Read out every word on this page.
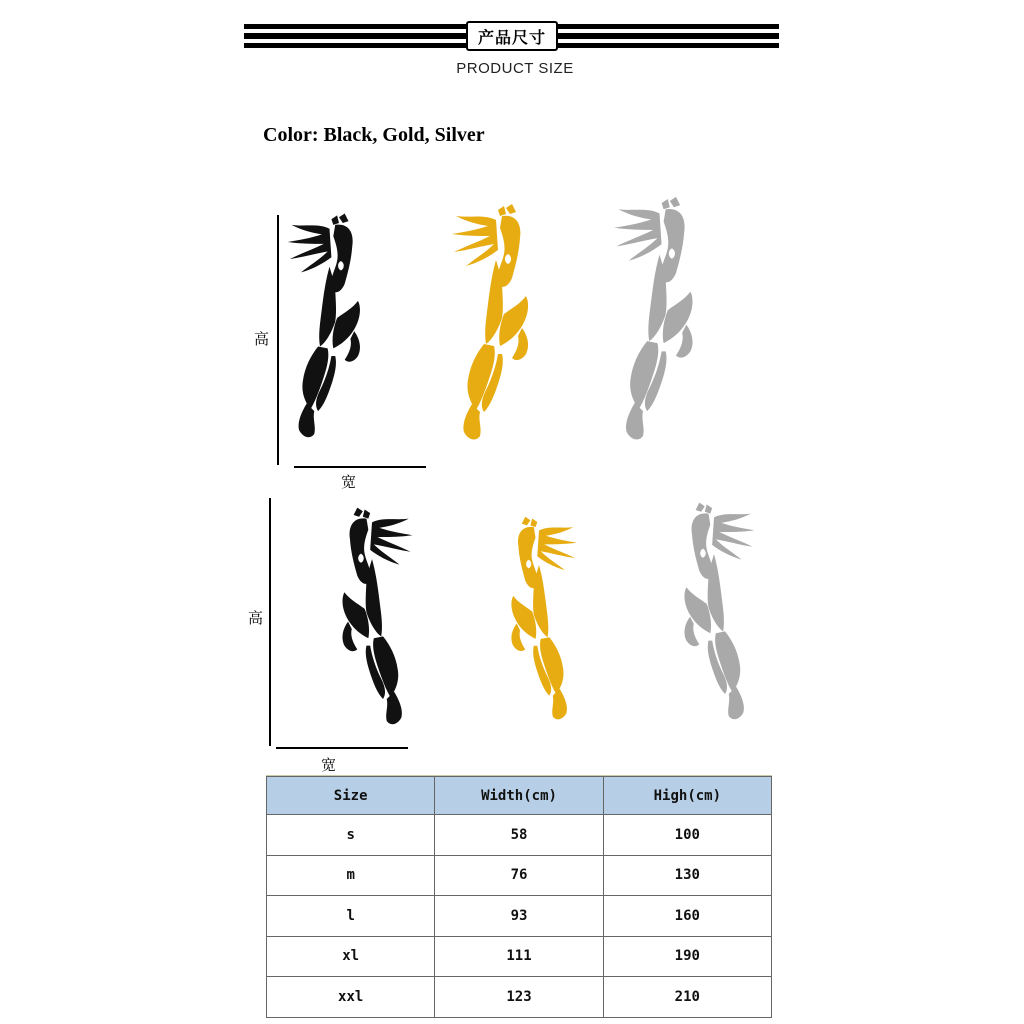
产品尺寸
PRODUCT SIZE
Color: Black, Gold, Silver
高
宽
高
宽
Size	Width(cm)	High(cm)
s	58	100
m	76	130
l	93	160
xl	111	190
xxl	123	210
